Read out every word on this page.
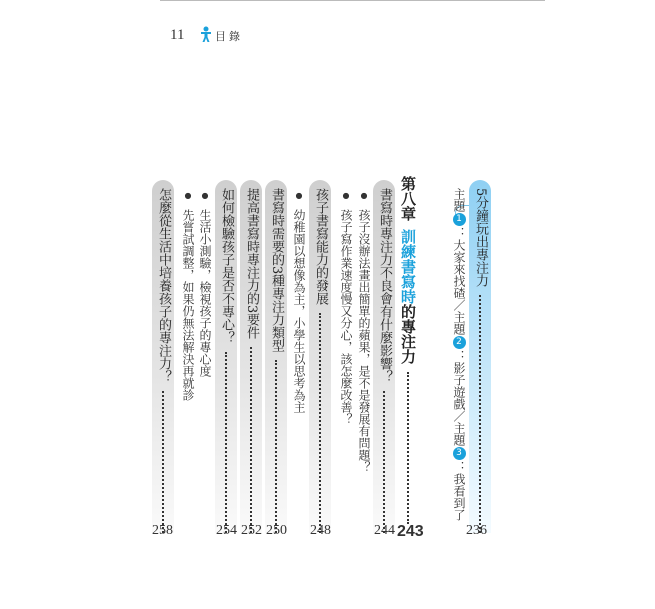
11	目錄
5分鐘玩出專注力
主題
1
：大家來找碴／主題
2
：影子遊戲／主題
3
：我看到了
236
第八章
訓練書寫時
的專注力
243
書寫時專注力不良會有什麼影響？
244
●
孩子沒辦法畫出簡單的蘋果，是不是發展有問題？
●
孩子寫作業速度慢又分心，該怎麼改善？
孩子書寫能力的發展
248
●
幼稚園以想像為主，小學生以思考為主
書寫時需要的3種專注力類型
250
提高書寫時專注力的3要件
252
如何檢驗孩子是否不專心？
254
●
生活小測驗，檢視孩子的專心度
●
先嘗試調整，如果仍無法解決再就診
怎麼從生活中培養孩子的專注力？
258
